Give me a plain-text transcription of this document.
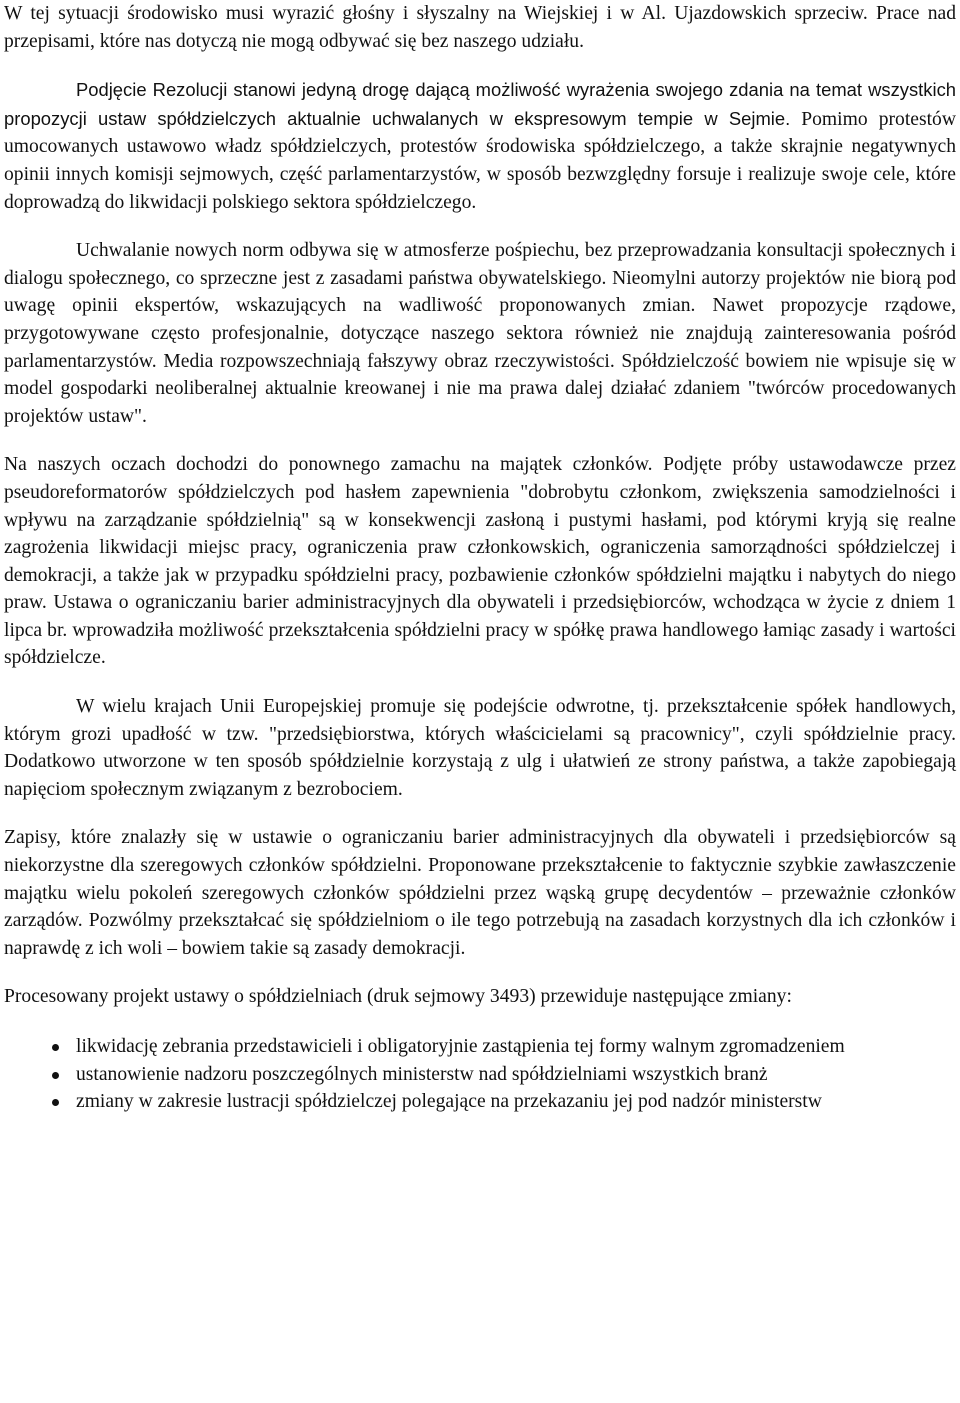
W tej sytuacji środowisko musi wyrazić głośny i słyszalny na Wiejskiej i w Al. Ujazdowskich sprzeciw. Prace nad przepisami, które nas dotyczą nie mogą odbywać się bez naszego udziału.

Podjęcie Rezolucji stanowi jedyną drogę dającą możliwość wyrażenia swojego zdania na temat wszystkich propozycji ustaw spółdzielczych aktualnie uchwalanych w ekspresowym tempie w Sejmie. Pomimo protestów umocowanych ustawowo władz spółdzielczych, protestów środowiska spółdzielczego, a także skrajnie negatywnych opinii innych komisji sejmowych, część parlamentarzystów, w sposób bezwzględny forsuje i realizuje swoje cele, które doprowadzą do likwidacji polskiego sektora spółdzielczego.

Uchwalanie nowych norm odbywa się w atmosferze pośpiechu, bez przeprowadzania konsultacji społecznych i dialogu społecznego, co sprzeczne jest z zasadami państwa obywatelskiego. Nieomylni autorzy projektów nie biorą pod uwagę opinii ekspertów, wskazujących na wadliwość proponowanych zmian. Nawet propozycje rządowe, przygotowywane często profesjonalnie, dotyczące naszego sektora również nie znajdują zainteresowania pośród parlamentarzystów. Media rozpowszechniają fałszywy obraz rzeczywistości. Spółdzielczość bowiem nie wpisuje się w model gospodarki neoliberalnej aktualnie kreowanej i nie ma prawa dalej działać zdaniem "twórców procedowanych projektów ustaw".

Na naszych oczach dochodzi do ponownego zamachu na majątek członków. Podjęte próby ustawodawcze przez pseudoreformatorów spółdzielczych pod hasłem zapewnienia "dobrobytu członkom, zwiększenia samodzielności i wpływu na zarządzanie spółdzielnią" są w konsekwencji zasłoną i pustymi hasłami, pod którymi kryją się realne zagrożenia likwidacji miejsc pracy, ograniczenia praw członkowskich, ograniczenia samorządności spółdzielczej i demokracji, a także jak w przypadku spółdzielni pracy, pozbawienie członków spółdzielni majątku i nabytych do niego praw. Ustawa o ograniczaniu barier administracyjnych dla obywateli i przedsiębiorców, wchodząca w życie z dniem 1 lipca br. wprowadziła możliwość przekształcenia spółdzielni pracy w spółkę prawa handlowego łamiąc zasady i wartości spółdzielcze.

W wielu krajach Unii Europejskiej promuje się podejście odwrotne, tj. przekształcenie spółek handlowych, którym grozi upadłość w tzw. "przedsiębiorstwa, których właścicielami są pracownicy", czyli spółdzielnie pracy. Dodatkowo utworzone w ten sposób spółdzielnie korzystają z ulg i ułatwień ze strony państwa, a także zapobiegają napięciom społecznym związanym z bezrobociem.

Zapisy, które znalazły się w ustawie o ograniczaniu barier administracyjnych dla obywateli i przedsiębiorców są niekorzystne dla szeregowych członków spółdzielni. Proponowane przekształcenie to faktycznie szybkie zawłaszczenie majątku wielu pokoleń szeregowych członków spółdzielni przez wąską grupę decydentów – przeważnie członków zarządów. Pozwólmy przekształcać się spółdzielniom o ile tego potrzebują na zasadach korzystnych dla ich członków i naprawdę z ich woli – bowiem takie są zasady demokracji.

Procesowany projekt ustawy o spółdzielniach (druk sejmowy 3493) przewiduje następujące zmiany:

likwidację zebrania przedstawicieli i obligatoryjnie zastąpienia tej formy walnym zgromadzeniem
ustanowienie nadzoru poszczególnych ministerstw nad spółdzielniami wszystkich branż
zmiany w zakresie lustracji spółdzielczej polegające na przekazaniu jej pod nadzór ministerstw
